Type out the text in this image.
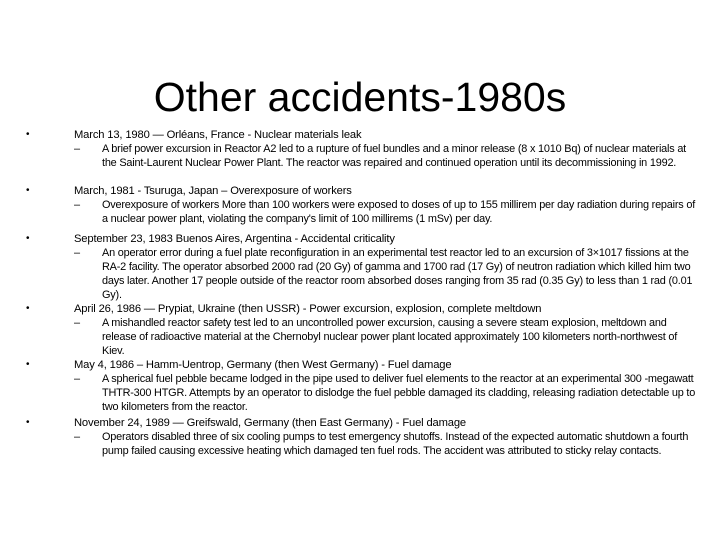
Other accidents-1980s
•	March 13, 1980 — Orléans, France - Nuclear materials leak
– A brief power excursion in Reactor A2 led to a rupture of fuel bundles and a minor release (8 x 1010 Bq) of nuclear materials at the Saint-Laurent Nuclear Power Plant. The reactor was repaired and continued operation until its decommissioning in 1992.
•	March, 1981 - Tsuruga, Japan – Overexposure of workers
– Overexposure of workers More than 100 workers were exposed to doses of up to 155 millirem per day radiation during repairs of a nuclear power plant, violating the company's limit of 100 millirems (1 mSv) per day.
•	September 23, 1983 Buenos Aires, Argentina - Accidental criticality
– An operator error during a fuel plate reconfiguration in an experimental test reactor led to an excursion of 3×1017 fissions at the RA-2 facility. The operator absorbed 2000 rad (20 Gy) of gamma and 1700 rad (17 Gy) of neutron radiation which killed him two days later. Another 17 people outside of the reactor room absorbed doses ranging from 35 rad (0.35 Gy) to less than 1 rad (0.01 Gy).
•	April 26, 1986 — Prypiat, Ukraine (then USSR) - Power excursion, explosion, complete meltdown
– A mishandled reactor safety test led to an uncontrolled power excursion, causing a severe steam explosion, meltdown and release of radioactive material at the Chernobyl nuclear power plant located approximately 100 kilometers north-northwest of Kiev.
•	May 4, 1986 – Hamm-Uentrop, Germany (then West Germany) - Fuel damage
– A spherical fuel pebble became lodged in the pipe used to deliver fuel elements to the reactor at an experimental 300 -megawatt THTR-300 HTGR. Attempts by an operator to dislodge the fuel pebble damaged its cladding, releasing radiation detectable up to two kilometers from the reactor.
•	November 24, 1989 — Greifswald, Germany (then East Germany) - Fuel damage
– Operators disabled three of six cooling pumps to test emergency shutoffs. Instead of the expected automatic shutdown a fourth pump failed causing excessive heating which damaged ten fuel rods. The accident was attributed to sticky relay contacts.
